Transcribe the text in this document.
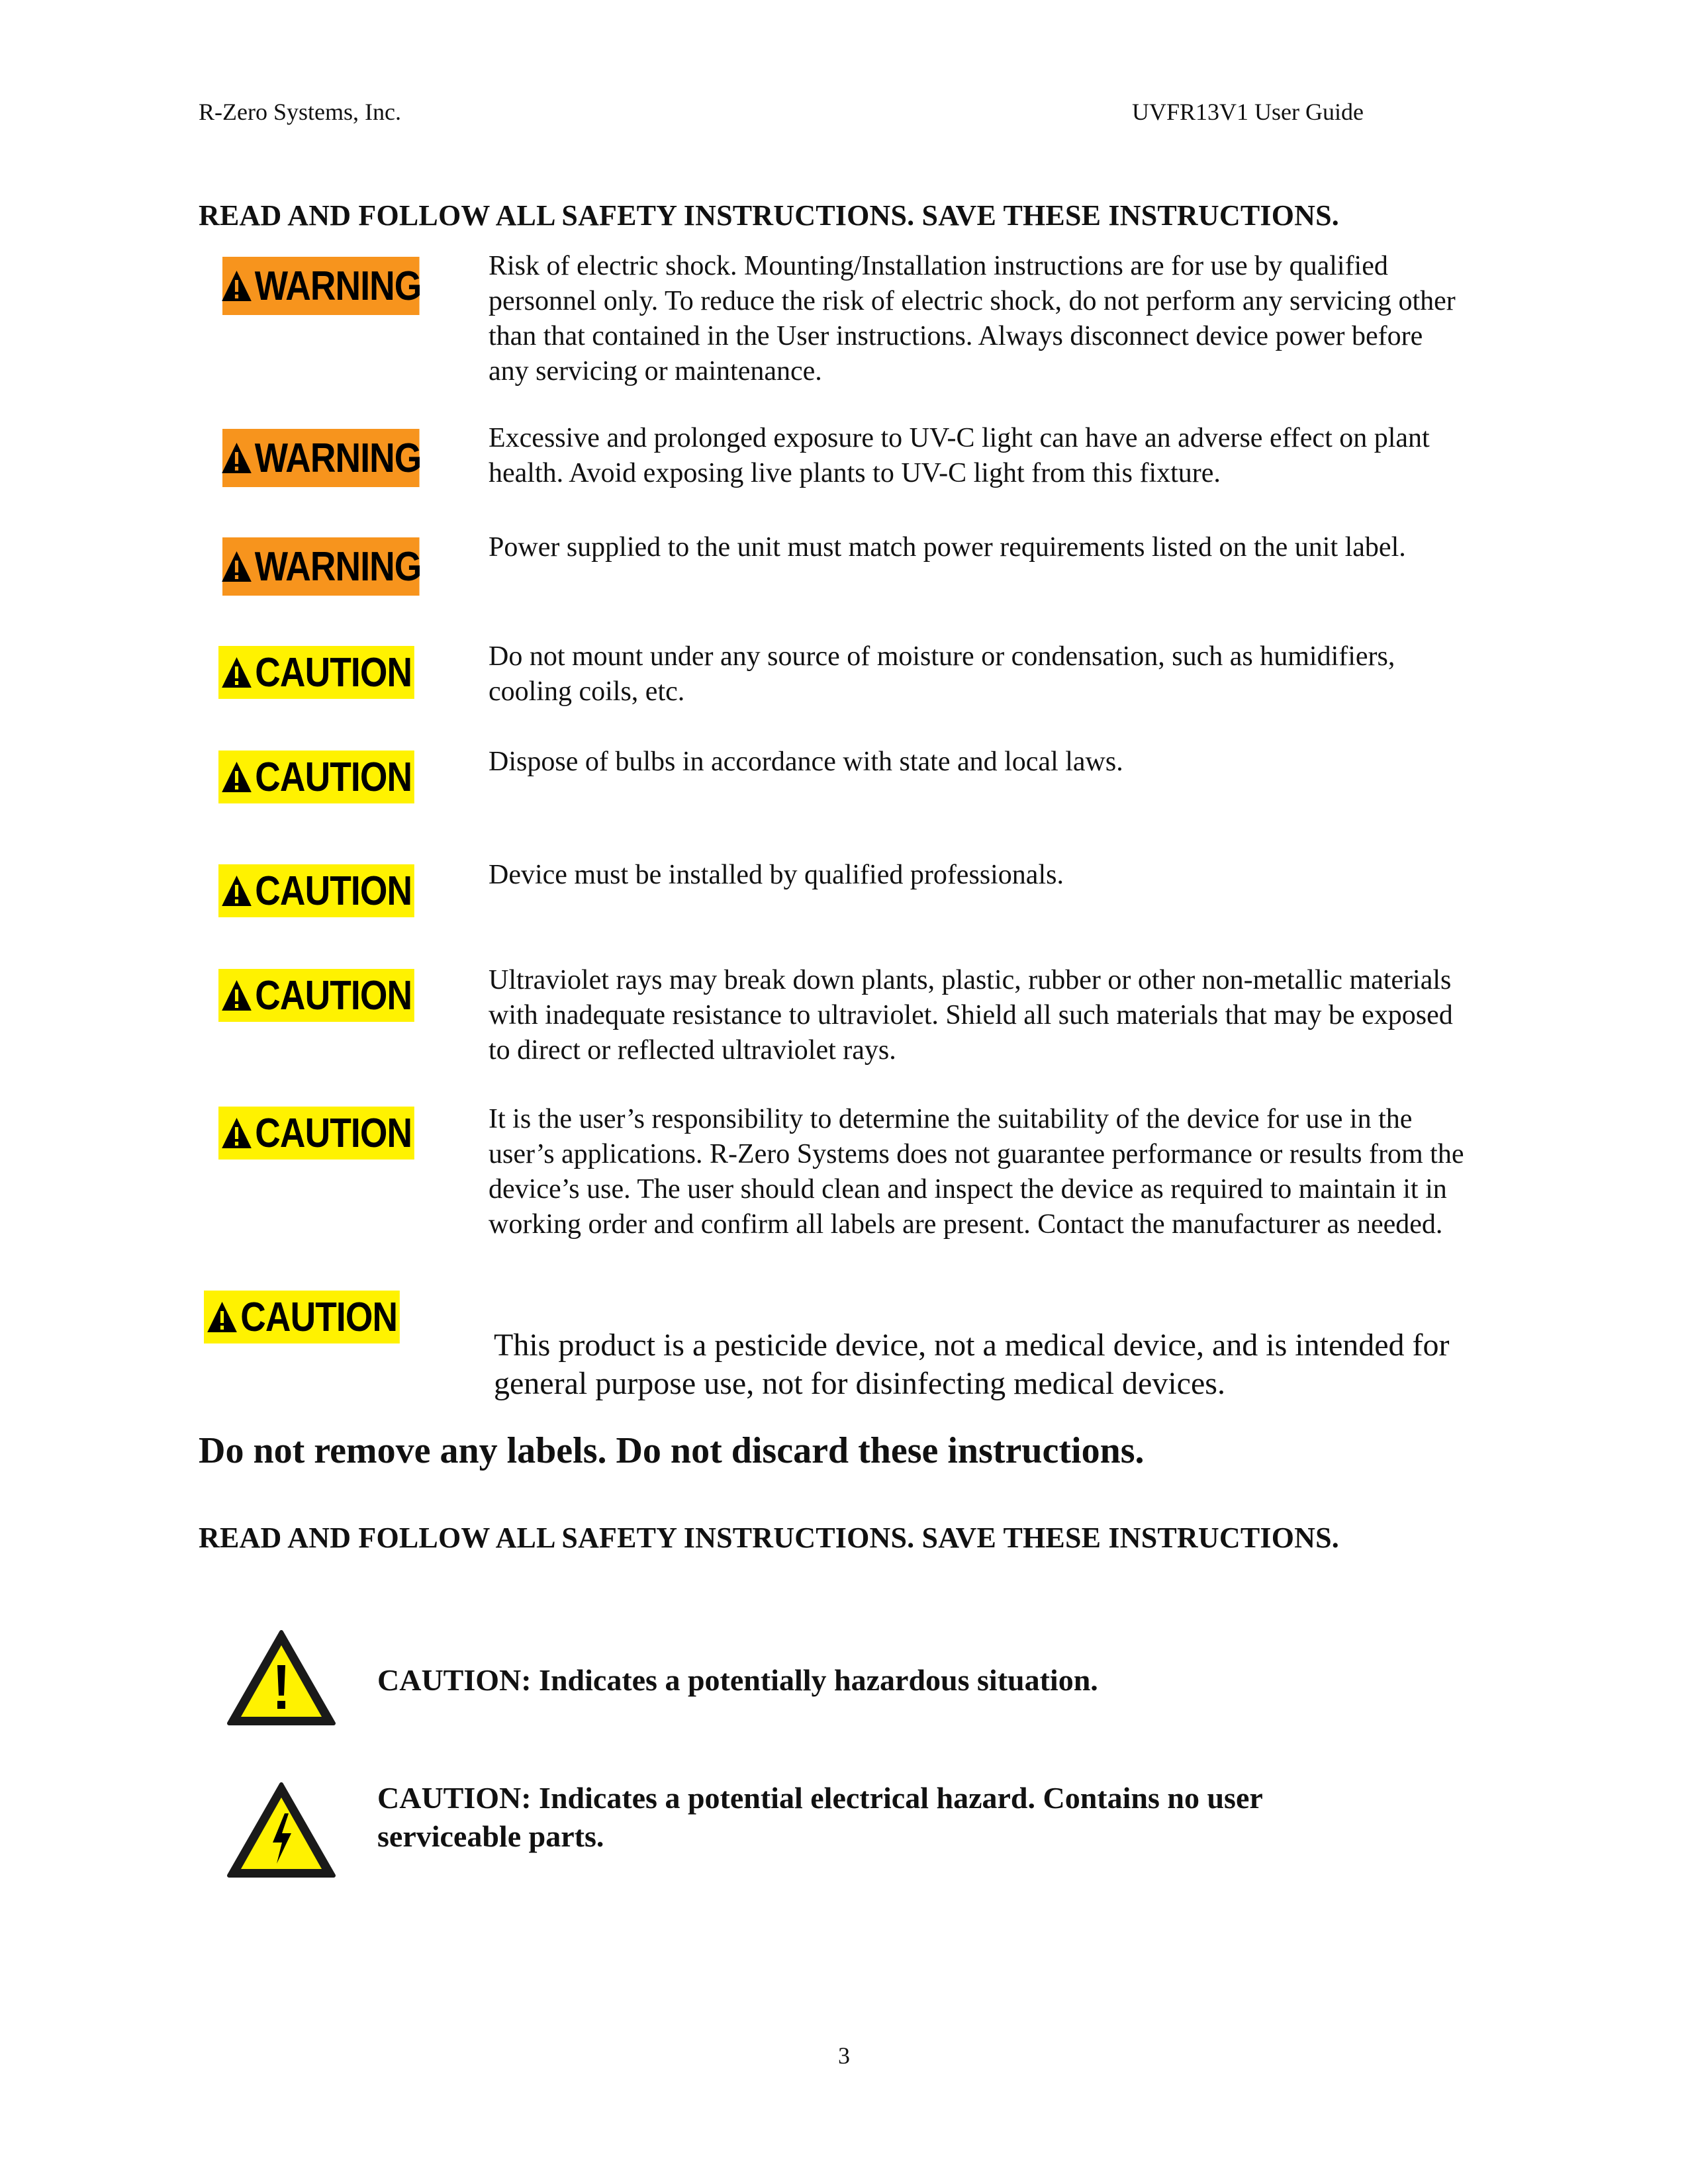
R-Zero Systems, Inc.	UVFR13V1 User Guide
READ AND FOLLOW ALL SAFETY INSTRUCTIONS. SAVE THESE INSTRUCTIONS.
WARNING Risk of electric shock. Mounting/Installation instructions are for use by qualified personnel only. To reduce the risk of electric shock, do not perform any servicing other than that contained in the User instructions. Always disconnect device power before any servicing or maintenance.
WARNING Excessive and prolonged exposure to UV-C light can have an adverse effect on plant health. Avoid exposing live plants to UV-C light from this fixture.
WARNING Power supplied to the unit must match power requirements listed on the unit label.
CAUTION	Do not mount under any source of moisture or condensation, such as humidifiers, cooling coils, etc.
CAUTION	Dispose of bulbs in accordance with state and local laws.
CAUTION	Device must be installed by qualified professionals.
CAUTION	Ultraviolet rays may break down plants, plastic, rubber or other non-metallic materials with inadequate resistance to ultraviolet. Shield all such materials that may be exposed to direct or reflected ultraviolet rays.
CAUTION	It is the user’s responsibility to determine the suitability of the device for use in the user’s applications. R-Zero Systems does not guarantee performance or results from the device’s use. The user should clean and inspect the device as required to maintain it in working order and confirm all labels are present. Contact the manufacturer as needed.
CAUTION
This product is a pesticide device, not a medical device, and is intended for general purpose use, not for disinfecting medical devices.
Do not remove any labels. Do not discard these instructions.
READ AND FOLLOW ALL SAFETY INSTRUCTIONS. SAVE THESE INSTRUCTIONS.
CAUTION: Indicates a potentially hazardous situation.
CAUTION: Indicates a potential electrical hazard. Contains no user serviceable parts.
3
